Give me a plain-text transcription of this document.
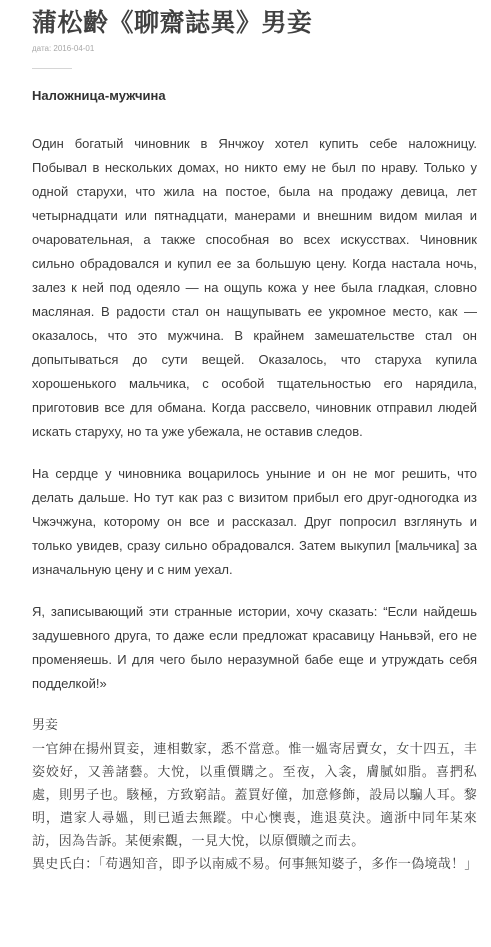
蒲松齡《聊齋誌異》男妾
дата: 2016-04-01
Наложница-мужчина

Один богатый чиновник в Янчжоу хотел купить себе наложницу. Побывал в нескольких домах, но никто ему не был по нраву. Только у одной старухи, что жила на постое, была на продажу девица, лет четырнадцати или пятнадцати, манерами и внешним видом милая и очаровательная, а также способная во всех искусствах. Чиновник сильно обрадовался и купил ее за большую цену. Когда настала ночь, залез к ней под одеяло — на ощупь кожа у нее была гладкая, словно масляная. В радости стал он нащупывать ее укромное место, как — оказалось, что это мужчина. В крайнем замешательстве стал он допытываться до сути вещей. Оказалось, что старуха купила хорошенького мальчика, с особой тщательностью его нарядила, приготовив все для обмана. Когда рассвело, чиновник отправил людей искать старуху, но та уже убежала, не оставив следов.

На сердце у чиновника воцарилось уныние и он не мог решить, что делать дальше. Но тут как раз с визитом прибыл его друг-одногодка из Чжэчжуна, которому он все и рассказал. Друг попросил взглянуть и только увидев, сразу сильно обрадовался. Затем выкупил [мальчика] за изначальную цену и с ним уехал.

Я, записывающий эти странные истории, хочу сказать: “Если найдешь задушевного друга, то даже если предложат красавицу Наньвэй, его не променяешь. И для чего было неразумной бабе еще и утруждать себя подделкой!»

男妾

一官紳在揚州買妾，連相數家，悉不當意。惟一媼寄居賣女，女十四五，丰姿姣好，又善諸藝。大悅，以重價購之。至夜，入衾，膚膩如脂。喜捫私處，則男子也。駭極，方致窮詰。蓋買好僮，加意修飾，設局以騙人耳。黎明，遣家人尋媼，則已遁去無蹤。中心懊喪，進退莫決。適浙中同年某來訪，因為告訴。某便索觀，一見大悅，以原價贖之而去。

異史氏白：「苟遇知音，即予以南威不易。何事無知婆子，多作一偽境哉！」
